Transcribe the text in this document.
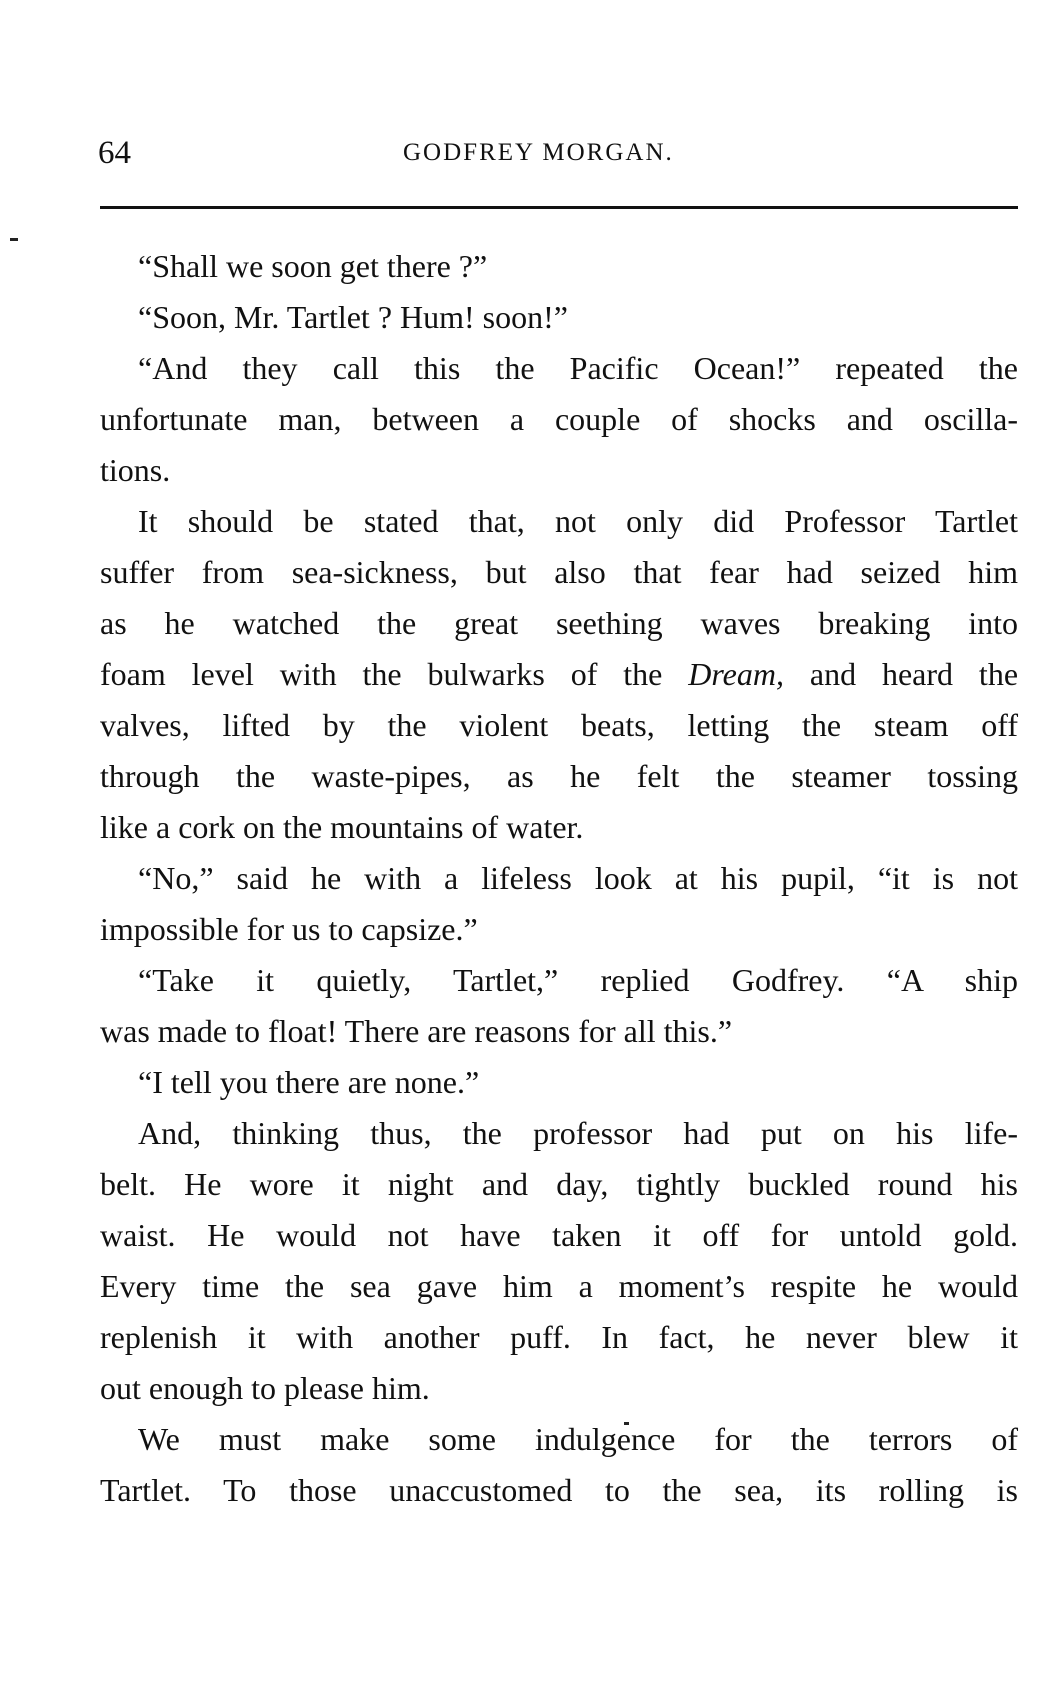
64	GODFREY MORGAN.
“Shall we soon get there ?”
“Soon, Mr. Tartlet ? Hum! soon!”
“And they call this the Pacific Ocean!” repeated the
unfortunate man, between a couple of shocks and oscilla-
tions.
It should be stated that, not only did Professor Tartlet
suffer from sea-sickness, but also that fear had seized him
as he watched the great seething waves breaking into
foam level with the bulwarks of the Dream, and heard the
valves, lifted by the violent beats, letting the steam off
through the waste-pipes, as he felt the steamer tossing
like a cork on the mountains of water.
“No,” said he with a lifeless look at his pupil, “it is not
impossible for us to capsize.”
“Take it quietly, Tartlet,” replied Godfrey. “A ship
was made to float! There are reasons for all this.”
“I tell you there are none.”
And, thinking thus, the professor had put on his life-
belt. He wore it night and day, tightly buckled round his
waist. He would not have taken it off for untold gold.
Every time the sea gave him a moment’s respite he would
replenish it with another puff. In fact, he never blew it
out enough to please him.
We must make some indulgence for the terrors of
Tartlet. To those unaccustomed to the sea, its rolling is
